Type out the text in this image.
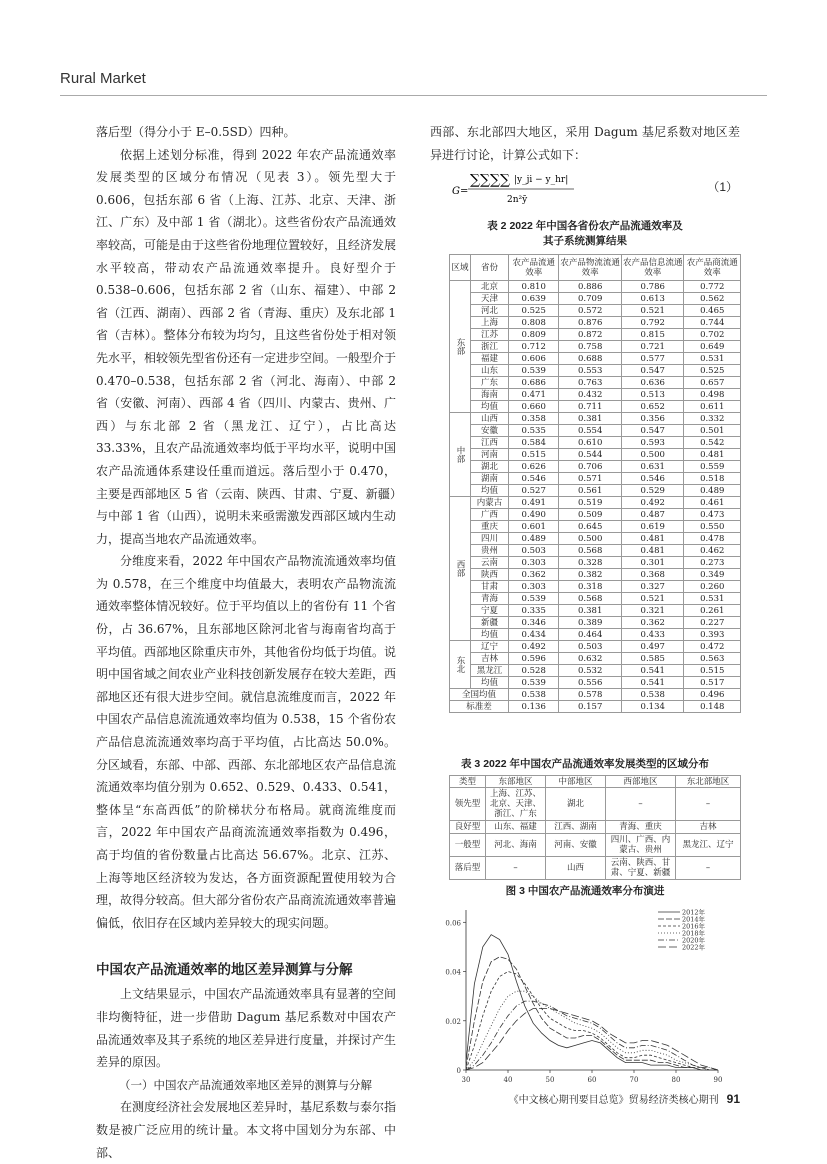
Rural Market

落后型（得分小于 E–0.5SD）四种。

依据上述划分标准，得到 2022 年农产品流通效率发展类型的区域分布情况（见表 3）。领先型大于 0.606，包括东部 6 省（上海、江苏、北京、天津、浙江、广东）及中部 1 省（湖北）。这些省份农产品流通效率较高，可能是由于这些省份地理位置较好，且经济发展水平较高，带动农产品流通效率提升。良好型介于 0.538–0.606，包括东部 2 省（山东、福建）、中部 2 省（江西、湖南）、西部 2 省（青海、重庆）及东北部 1 省（吉林）。整体分布较为均匀，且这些省份处于相对领先水平，相较领先型省份还有一定进步空间。一般型介于 0.470–0.538，包括东部 2 省（河北、海南）、中部 2 省（安徽、河南）、西部 4 省（四川、内蒙古、贵州、广西）与东北部 2 省（黑龙江、辽宁），占比高达 33.33%，且农产品流通效率均低于平均水平，说明中国农产品流通体系建设任重而道远。落后型小于 0.470，主要是西部地区 5 省（云南、陕西、甘肃、宁夏、新疆）与中部 1 省（山西），说明未来亟需激发西部区域内生动力，提高当地农产品流通效率。

分维度来看，2022 年中国农产品物流流通效率均值为 0.578，在三个维度中均值最大，表明农产品物流流通效率整体情况较好。位于平均值以上的省份有 11 个省份，占 36.67%，且东部地区除河北省与海南省均高于平均值。西部地区除重庆市外，其他省份均低于均值。说明中国省域之间农业产业科技创新发展存在较大差距，西部地区还有很大进步空间。就信息流维度而言，2022 年中国农产品信息流流通效率均值为 0.538，15 个省份农产品信息流流通效率均高于平均值，占比高达 50.0%。分区域看，东部、中部、西部、东北部地区农产品信息流流通效率均值分别为 0.652、0.529、0.433、0.541，整体呈“东高西低”的阶梯状分布格局。就商流维度而言，2022 年中国农产品商流流通效率指数为 0.496，高于均值的省份数量占比高达 56.67%。北京、江苏、上海等地区经济较为发达，各方面资源配置使用较为合理，故得分较高。但大部分省份农产品商流流通效率普遍偏低，依旧存在区域内差异较大的现实问题。

中国农产品流通效率的地区差异测算与分解

上文结果显示，中国农产品流通效率具有显著的空间非均衡特征，进一步借助 Dagum 基尼系数对中国农产品流通效率及其子系统的地区差异进行度量，并探讨产生差异的原因。

（一）中国农产品流通效率地区差异的测算与分解

在测度经济社会发展地区差异时，基尼系数与泰尔指数是被广泛应用的统计量。本文将中国划分为东部、中部、

西部、东北部四大地区，采用 Dagum 基尼系数对地区差异进行讨论，计算公式如下：

G=
∑∑∑∑ |y_ji − y_hr|
2n²ȳ
（1）
表 2 2022 年中国各省份农产品流通效率及
其子系统测算结果
区域	省份	农产品流通效率	农产品物流流通效率	农产品信息流通效率	农产品商流通效率
东部	北京	0.810	0.886	0.786	0.772
	天津	0.639	0.709	0.613	0.562
	河北	0.525	0.572	0.521	0.465
	上海	0.808	0.876	0.792	0.744
	江苏	0.809	0.872	0.815	0.702
	浙江	0.712	0.758	0.721	0.649
	福建	0.606	0.688	0.577	0.531
	山东	0.539	0.553	0.547	0.525
	广东	0.686	0.763	0.636	0.657
	海南	0.471	0.432	0.513	0.498
	均值	0.660	0.711	0.652	0.611
中部	山西	0.358	0.381	0.356	0.332
	安徽	0.535	0.554	0.547	0.501
	江西	0.584	0.610	0.593	0.542
	河南	0.515	0.544	0.500	0.481
	湖北	0.626	0.706	0.631	0.559
	湖南	0.546	0.571	0.546	0.518
	均值	0.527	0.561	0.529	0.489
西部	内蒙古	0.491	0.519	0.492	0.461
	广西	0.490	0.509	0.487	0.473
	重庆	0.601	0.645	0.619	0.550
	四川	0.489	0.500	0.481	0.478
	贵州	0.503	0.568	0.481	0.462
	云南	0.303	0.328	0.301	0.273
	陕西	0.362	0.382	0.368	0.349
	甘肃	0.303	0.318	0.327	0.260
	青海	0.539	0.568	0.521	0.531
	宁夏	0.335	0.381	0.321	0.261
	新疆	0.346	0.389	0.362	0.227
	均值	0.434	0.464	0.433	0.393
东北	辽宁	0.492	0.503	0.497	0.472
	吉林	0.596	0.632	0.585	0.563
	黑龙江	0.528	0.532	0.541	0.515
	均值	0.539	0.556	0.541	0.517
全国均值		0.538	0.578	0.538	0.496
标准差		0.136	0.157	0.134	0.148
表 3 2022 年中国农产品流通效率发展类型的区域分布
类型	东部地区	中部地区	西部地区	东北部地区
领先型	上海、江苏、北京、天津、浙江、广东	湖北	–	–
良好型	山东、福建	江西、湖南	青海、重庆	吉林
一般型	河北、海南	河南、安徽	四川、广西、内蒙古、贵州	黑龙江、辽宁
落后型	–	山西	云南、陕西、甘肃、宁夏、新疆	–
图 3 中国农产品流通效率分布演进
30	40	50	60	70	80	90
0
0.02
0.04
0.06
2012年
2014年
2016年
2018年
2020年
2022年
《中文核心期刊要目总览》贸易经济类核心期刊 91
